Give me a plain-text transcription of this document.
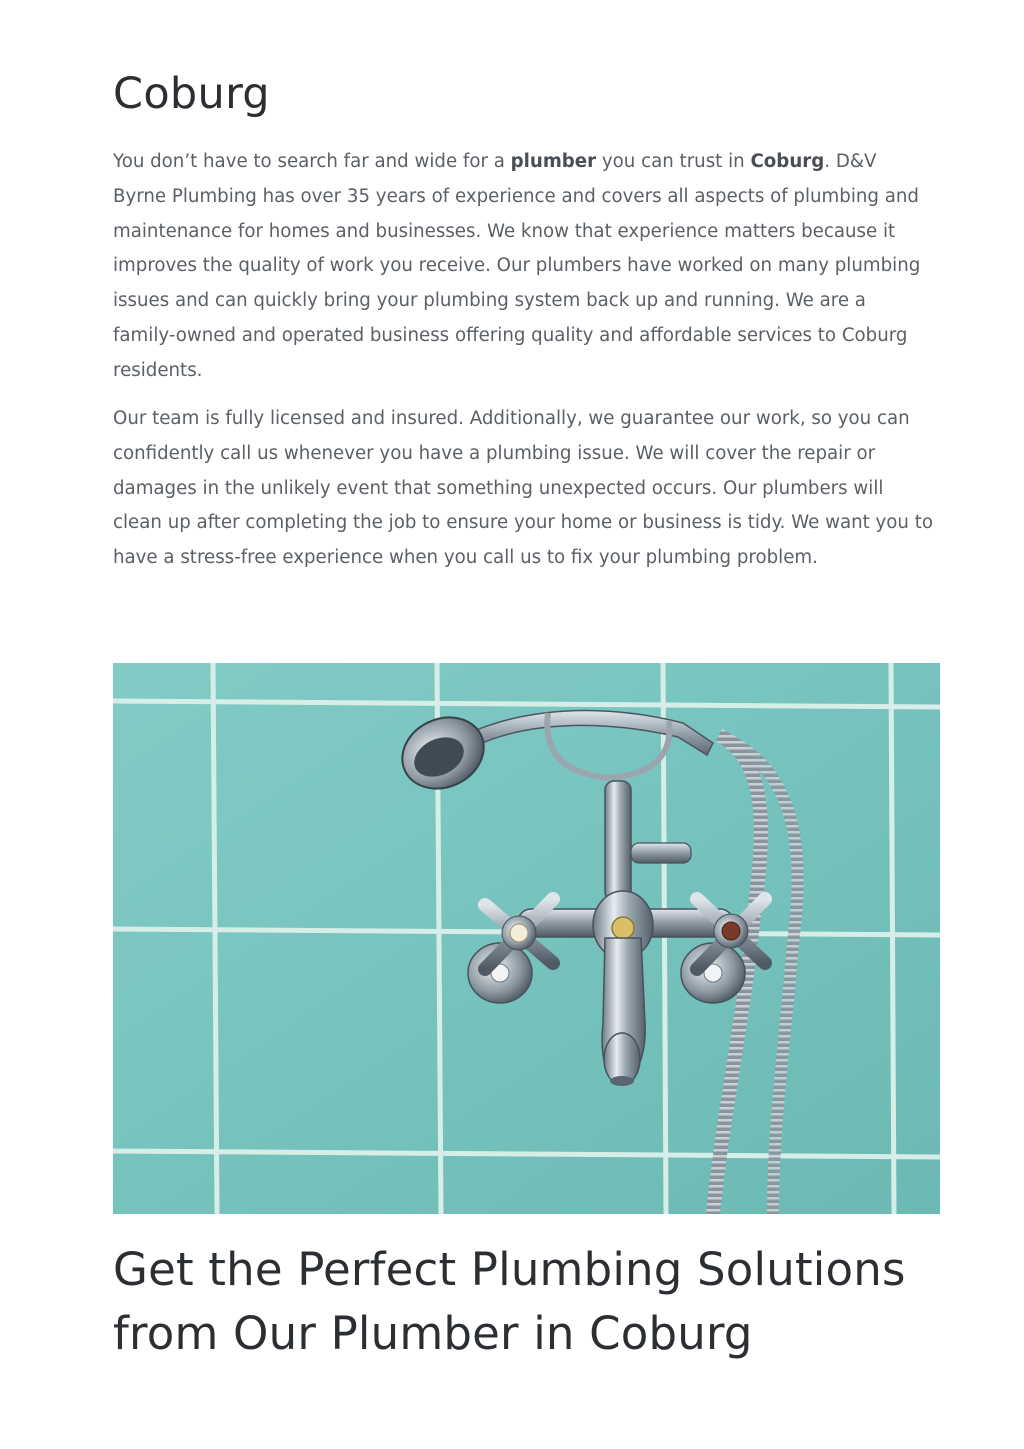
Coburg

You don’t have to search far and wide for a plumber you can trust in Coburg. D&V Byrne Plumbing has over 35 years of experience and covers all aspects of plumbing and maintenance for homes and businesses. We know that experience matters because it improves the quality of work you receive. Our plumbers have worked on many plumbing issues and can quickly bring your plumbing system back up and running. We are a family-owned and operated business offering quality and affordable services to Coburg residents.

Our team is fully licensed and insured. Additionally, we guarantee our work, so you can confidently call us whenever you have a plumbing issue. We will cover the repair or damages in the unlikely event that something unexpected occurs. Our plumbers will clean up after completing the job to ensure your home or business is tidy. We want you to have a stress-free experience when you call us to fix your plumbing problem.

Get the Perfect Plumbing Solutions from Our Plumber in Coburg
